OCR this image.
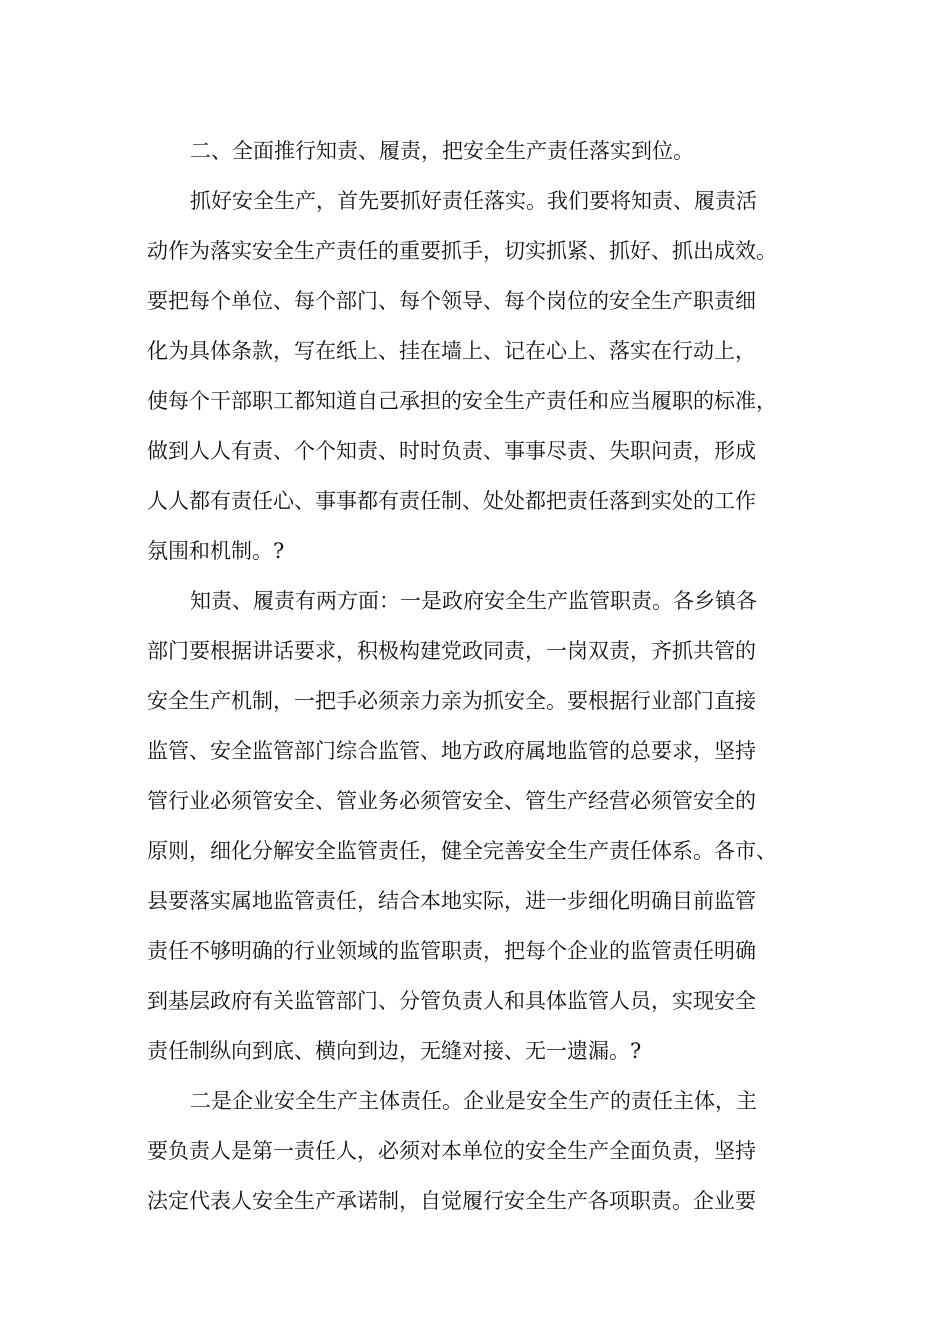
二、全面推行知责、履责，把安全生产责任落实到位。
抓好安全生产，首先要抓好责任落实。我们要将知责、履责活
动作为落实安全生产责任的重要抓手，切实抓紧、抓好、抓出成效。
要把每个单位、每个部门、每个领导、每个岗位的安全生产职责细
化为具体条款，写在纸上、挂在墙上、记在心上、落实在行动上，
使每个干部职工都知道自己承担的安全生产责任和应当履职的标准，
做到人人有责、个个知责、时时负责、事事尽责、失职问责，形成
人人都有责任心、事事都有责任制、处处都把责任落到实处的工作
氛围和机制。?
知责、履责有两方面：一是政府安全生产监管职责。各乡镇各
部门要根据讲话要求，积极构建党政同责，一岗双责，齐抓共管的
安全生产机制，一把手必须亲力亲为抓安全。要根据行业部门直接
监管、安全监管部门综合监管、地方政府属地监管的总要求，坚持
管行业必须管安全、管业务必须管安全、管生产经营必须管安全的
原则，细化分解安全监管责任，健全完善安全生产责任体系。各市、
县要落实属地监管责任，结合本地实际，进一步细化明确目前监管
责任不够明确的行业领域的监管职责，把每个企业的监管责任明确
到基层政府有关监管部门、分管负责人和具体监管人员，实现安全
责任制纵向到底、横向到边，无缝对接、无一遗漏。?
二是企业安全生产主体责任。企业是安全生产的责任主体，主
要负责人是第一责任人，必须对本单位的安全生产全面负责，坚持
法定代表人安全生产承诺制，自觉履行安全生产各项职责。企业要
